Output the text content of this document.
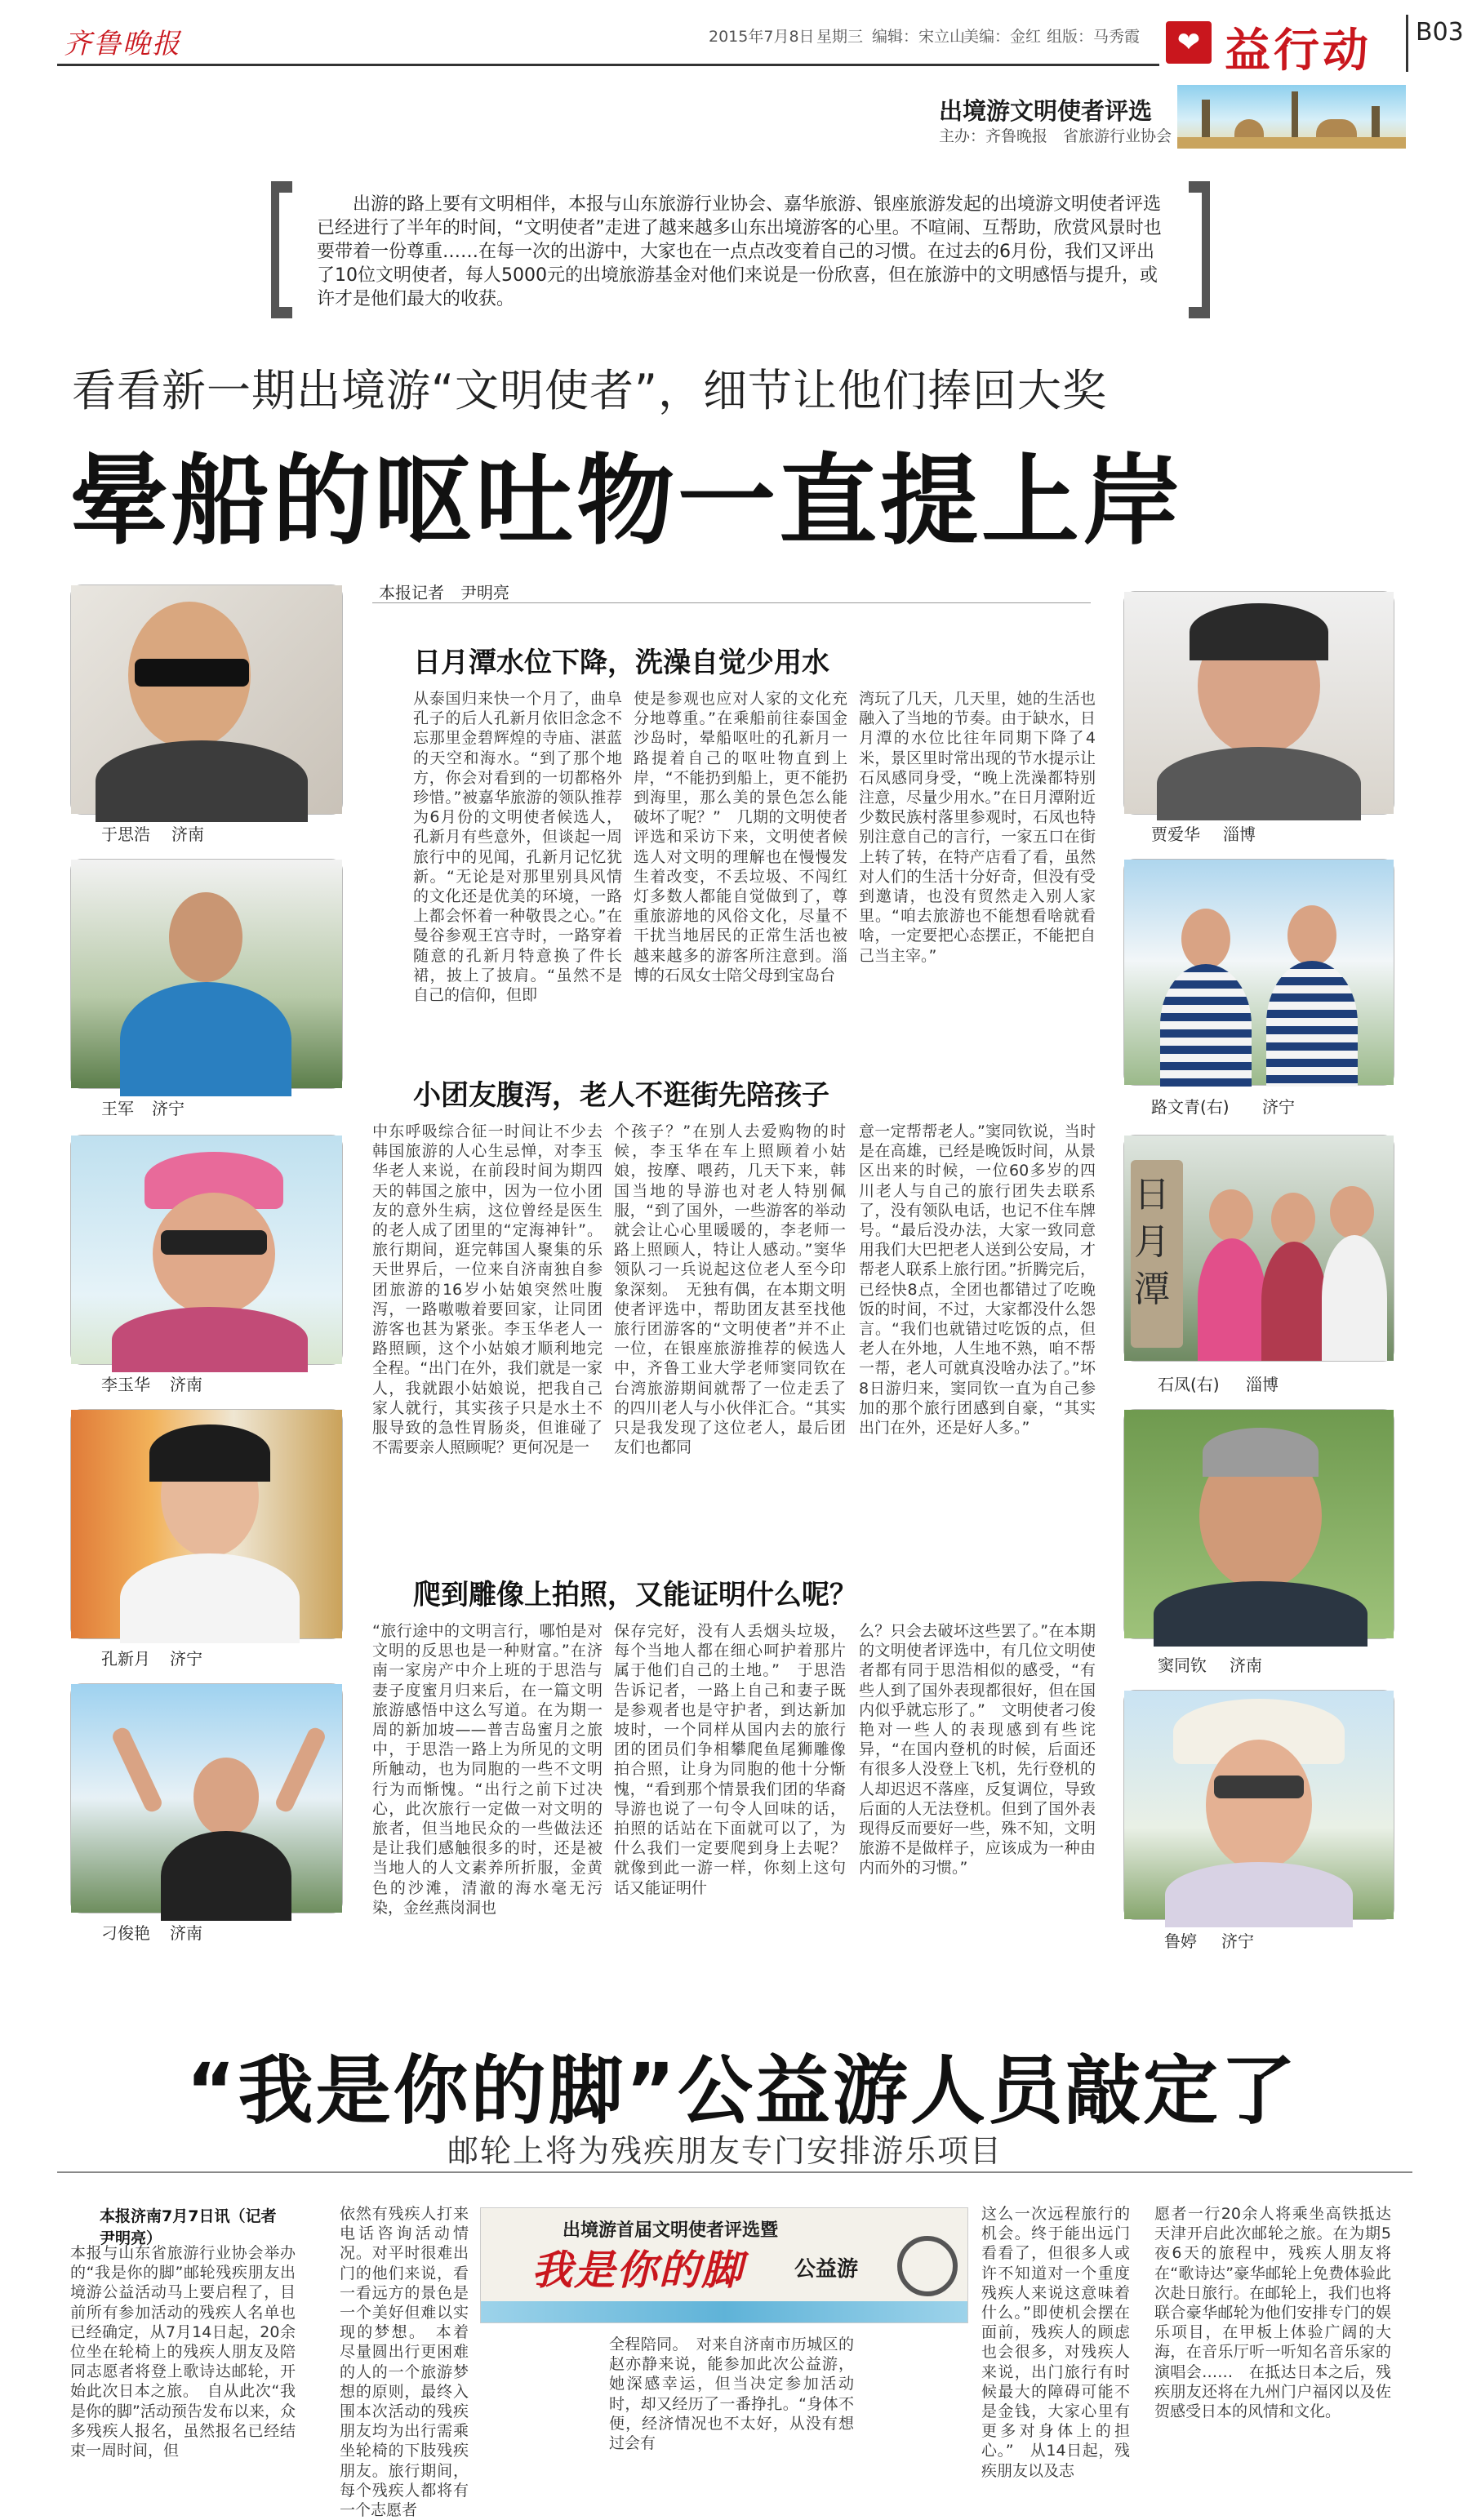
齐鲁晚报	2015年7月8日 星期三 编辑：宋立山
美编：金红 组版：马秀霞	❤ 益行动 B03
出境游文明使者评选
主办：齐鲁晚报　省旅游行业协会
出游的路上要有文明相伴，本报与山东旅游行业协会、嘉华旅游、银座旅游发起的出境游文明使者评选已经进行了半年的时间，“文明使者”走进了越来越多山东出境游客的心里。不喧闹、互帮助，欣赏风景时也要带着一份尊重……在每一次的出游中，大家也在一点点改变着自己的习惯。在过去的6月份，我们又评出了10位文明使者，每人5000元的出境旅游基金对他们来说是一份欣喜，但在旅游中的文明感悟与提升，或许才是他们最大的收获。
看看新一期出境游“文明使者”，细节让他们捧回大奖
晕船的呕吐物一直提上岸
本报记者　尹明亮
于思浩 济南
王军 济宁
李玉华 济南
孔新月 济宁
刁俊艳 济南
贾爱华 淄博
路文青(右) 济宁
日月潭
石凤(右) 淄博
窦同钦 济南
鲁婷 济宁
日月潭水位下降，洗澡自觉少用水
从泰国归来快一个月了，曲阜孔子的后人孔新月依旧念念不忘那里金碧辉煌的寺庙、湛蓝的天空和海水。“到了那个地方，你会对看到的一切都格外珍惜。”被嘉华旅游的领队推荐为6月份的文明使者候选人，孔新月有些意外，但谈起一周旅行中的见闻，孔新月记忆犹新。“无论是对那里别具风情的文化还是优美的环境，一路上都会怀着一种敬畏之心。”在曼谷参观王宫寺时，一路穿着随意的孔新月特意换了件长裙，披上了披肩。“虽然不是自己的信仰，但即
使是参观也应对人家的文化充分地尊重。”在乘船前往泰国金沙岛时，晕船呕吐的孔新月一路提着自己的呕吐物直到上岸，“不能扔到船上，更不能扔到海里，那么美的景色怎么能破坏了呢？”　几期的文明使者评选和采访下来，文明使者候选人对文明的理解也在慢慢发生着改变，不丢垃圾、不闯红灯多数人都能自觉做到了，尊重旅游地的风俗文化，尽量不干扰当地居民的正常生活也被越来越多的游客所注意到。淄博的石凤女士陪父母到宝岛台
湾玩了几天，几天里，她的生活也融入了当地的节奏。由于缺水，日月潭的水位比往年同期下降了4米，景区里时常出现的节水提示让石凤感同身受，“晚上洗澡都特别注意，尽量少用水。”在日月潭附近少数民族村落里参观时，石凤也特别注意自己的言行，一家五口在街上转了转，在特产店看了看，虽然对人们的生活十分好奇，但没有受到邀请，也没有贸然走入别人家里。“咱去旅游也不能想看啥就看啥，一定要把心态摆正，不能把自己当主宰。”
小团友腹泻，老人不逛街先陪孩子
中东呼吸综合征一时间让不少去韩国旅游的人心生忌惮，对李玉华老人来说，在前段时间为期四天的韩国之旅中，因为一位小团友的意外生病，这位曾经是医生的老人成了团里的“定海神针”。旅行期间，逛完韩国人聚集的乐天世界后，一位来自济南独自参团旅游的16岁小姑娘突然吐腹泻，一路嗷嗷着要回家，让同团游客也甚为紧张。李玉华老人一路照顾，这个小姑娘才顺利地完全程。“出门在外，我们就是一家人，我就跟小姑娘说，把我自己家人就行，其实孩子只是水土不服导致的急性胃肠炎，但谁碰了不需要亲人照顾呢？更何况是一
个孩子？”在别人去爱购物的时候，李玉华在车上照顾着小姑娘，按摩、喂药，几天下来，韩国当地的导游也对老人特别佩服，“到了国外，一些游客的举动就会让心心里暖暖的，李老师一路上照顾人，特让人感动。”窦华领队刁一兵说起这位老人至今印象深刻。　无独有偶，在本期文明使者评选中，帮助团友甚至找他旅行团游客的“文明使者”并不止一位，在银座旅游推荐的候选人中，齐鲁工业大学老师窦同钦在台湾旅游期间就帮了一位走丢了的四川老人与小伙伴汇合。“其实只是我发现了这位老人，最后团友们也都同
意一定帮帮老人。”窦同钦说，当时是在高雄，已经是晚饭时间，从景区出来的时候，一位60多岁的四川老人与自己的旅行团失去联系了，没有领队电话，也记不住车牌号。“最后没办法，大家一致同意用我们大巴把老人送到公安局，才帮老人联系上旅行团。”折腾完后，已经快8点，全团也都错过了吃晚饭的时间，不过，大家都没什么怨言。“我们也就错过吃饭的点，但老人在外地，人生地不熟，咱不帮一帮，老人可就真没啥办法了。”坏8日游归来，窦同钦一直为自己参加的那个旅行团感到自豪，“其实出门在外，还是好人多。”
爬到雕像上拍照，又能证明什么呢？
“旅行途中的文明言行，哪怕是对文明的反思也是一种财富。”在济南一家房产中介上班的于思浩与妻子度蜜月归来后，在一篇文明旅游感悟中这么写道。在为期一周的新加坡——普吉岛蜜月之旅中，于思浩一路上为所见的文明所触动，也为同胞的一些不文明行为而惭愧。“出行之前下过决心，此次旅行一定做一对文明的旅者，但当地民众的一些做法还是让我们感触很多的时，还是被当地人的人文素养所折服，金黄色的沙滩，清澈的海水毫无污染，金丝燕岗洞也
保存完好，没有人丢烟头垃圾，每个当地人都在细心呵护着那片属于他们自己的土地。”　于思浩告诉记者，一路上自己和妻子既是参观者也是守护者，到达新加坡时，一个同样从国内去的旅行团的团员们争相攀爬鱼尾狮雕像拍合照，让身为同胞的他十分惭愧，“看到那个情景我们团的华裔导游也说了一句令人回味的话，拍照的话站在下面就可以了，为什么我们一定要爬到身上去呢？就像到此一游一样，你刻上这句话又能证明什
么？只会去破坏这些罢了。”在本期的文明使者评选中，有几位文明使者都有同于思浩相似的感受，“有些人到了国外表现都很好，但在国内似乎就忘形了。”　文明使者刁俊艳对一些人的表现感到有些诧异，“在国内登机的时候，后面还有很多人没登上飞机，先行登机的人却迟迟不落座，反复调位，导致后面的人无法登机。但到了国外表现得反而要好一些，殊不知，文明旅游不是做样子，应该成为一种由内而外的习惯。”
“我是你的脚”公益游人员敲定了
邮轮上将为残疾朋友专门安排游乐项目
本报济南7月7日讯（记者 尹明亮）
本报与山东省旅游行业协会举办的“我是你的脚”邮轮残疾朋友出境游公益活动马上要启程了，目前所有参加活动的残疾人名单也已经确定，从7月14日起，20余位坐在轮椅上的残疾人朋友及陪同志愿者将登上歌诗达邮轮，开始此次日本之旅。　自从此次“我是你的脚”活动预告发布以来，众多残疾人报名，虽然报名已经结束一周时间，但
依然有残疾人打来电话咨询活动情况。对平时很难出门的他们来说，看一看远方的景色是一个美好但难以实现的梦想。　本着尽量圆出行更困难的人的一个旅游梦想的原则，最终入围本次活动的残疾朋友均为出行需乘坐轮椅的下肢残疾朋友。旅行期间，每个残疾人都将有一个志愿者
全程陪同。　对来自济南市历城区的赵亦静来说，能参加此次公益游，她深感幸运，但当决定参加活动时，却又经历了一番挣扎。“身体不便，经济情况也不太好，从没有想过会有
这么一次远程旅行的机会。终于能出远门看看了，但很多人或许不知道对一个重度残疾人来说这意味着什么。”即使机会摆在面前，残疾人的顾虑也会很多，对残疾人来说，出门旅行有时候最大的障碍可能不是金钱，大家心里有更多对身体上的担心。”　从14日起，残疾朋友以及志
愿者一行20余人将乘坐高铁抵达天津开启此次邮轮之旅。在为期5夜6天的旅程中，残疾人朋友将在“歌诗达”豪华邮轮上免费体验此次赴日旅行。在邮轮上，我们也将联合豪华邮轮为他们安排专门的娱乐项目，在甲板上体验广阔的大海，在音乐厅听一听知名音乐家的演唱会……　在抵达日本之后，残疾朋友还将在九州门户福冈以及佐贺感受日本的风情和文化。
出境游首届文明使者评选暨
我是你的脚 公益游
